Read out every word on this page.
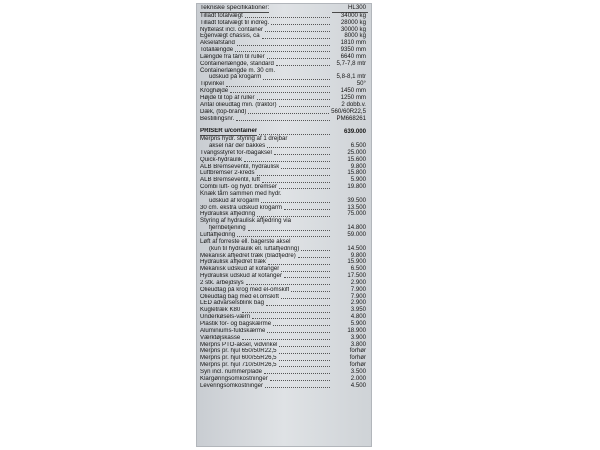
Tekniske specifikationer:	HL300
Tilladt totalvægt	34000 kg
Tilladt totalvægt til indreg.	28000 kg
Nyttelast incl. container	30000 kg
Egenvægt chassis, ca	8000 kg
Akselafstand	1810 mm
Totallængde	9350 mm
Længde fra tårn til ruller	6640 mm
Containerlængde, standard	5,7-7,8 mtr
Containerlængde m. 30 cm.
udskud på krogarm	5,8-8,1 mtr
Tipvinkel	50°
Kroghøjde	1450 mm
Højde til top af ruller	1250 mm
Antal olieudtag min. (traktor)	2 dobb.v.
Dæk, (top-brand)	560/60R22,5
Bestillingsnr.	PM668261
PRISER u/container	639.000
Merpris hydr. styring af 1 drejbar
aksel når der bakkes	6.500
Tvangsstyret for-/bagaksel	25.000
Quick-hydraulik	15.600
ALB Bremseventil, hydraulisk	9.800
Luftbremser 2-kreds	15.800
ALB Bremseventil, luft	5.900
Combi luft- og hydr. bremser	19.800
Knæk tårn sammen med hydr.
udskud af krogarm	39.500
30 cm. ekstra udskud krogarm	13.500
Hydraulisk affjedring	75.000
Styring af hydraulisk affjedring via
fjernbetjening	14.800
Luftaffjedring	59.000
Løft af forreste ell. bagerste aksel
(kun til hydraulik ell. luftaffjedring)	14.500
Mekanisk affjedret træk (bladfjedre)	9.800
Hydraulisk affjedret træk	15.900
Mekanisk udskud af kofanger	6.500
Hydraulisk udskud af kofanger	17.500
2 stk. arbejdslys	2.900
Olieudtag på krog med el-omskift	7.900
Olieudtag bag med el.omskift	7.900
LED advarselsblink bag	2.900
Kugletræk K80	3.950
Underkøsels-værn	4.800
Plastik for- og bagskærme	5.900
Aluminiums-fuldskærme	18.900
Værktøjskasse	3.900
Merpris PTO-aksel, vidvinkel	3.800
Merpris pr. hjul 650/50R22,5	forhør
Merpris pr. hjul 600/55R26,5	forhør
Merpris pr. hjul 710/50R26,5	forhør
Syn incl. nummerplade	3.500
Klargøringsomkostninger	2.000
Leveringsomkostninger	4.500
